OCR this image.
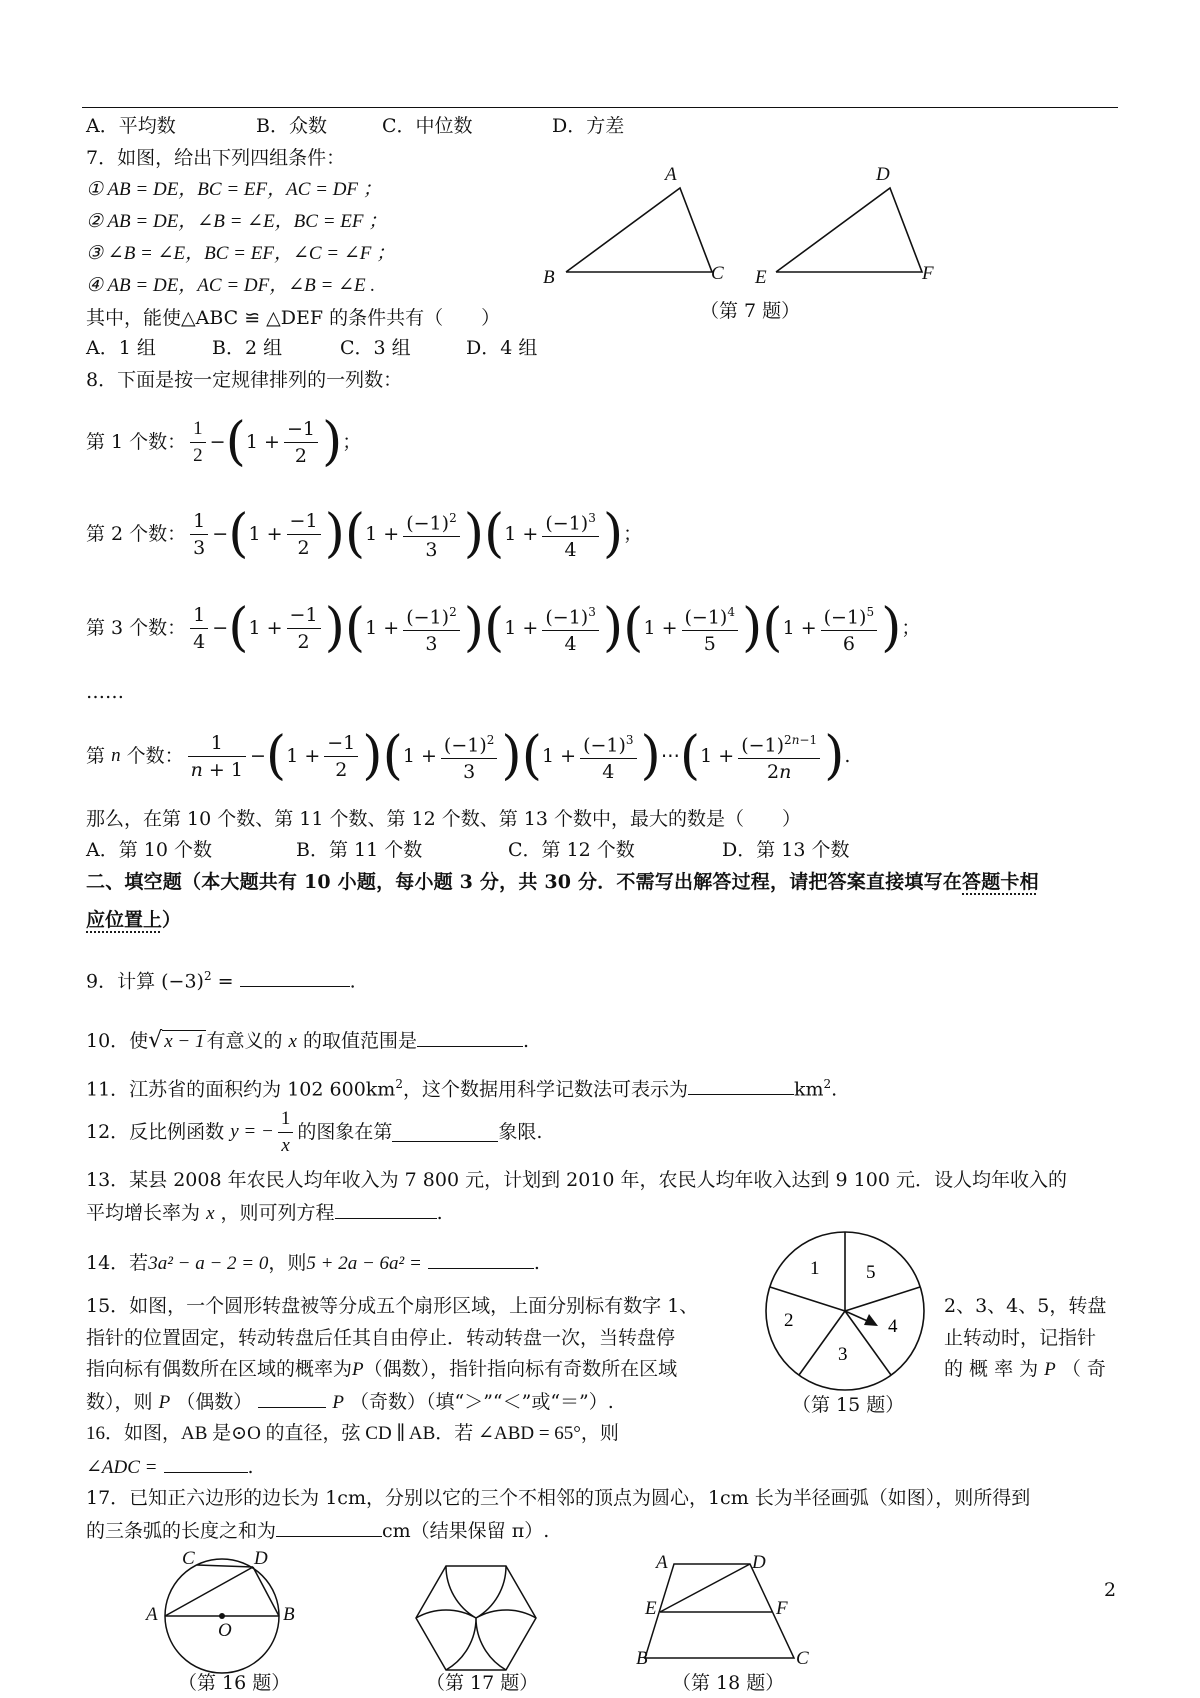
A．平均数	B．众数	C．中位数	D．方差
7．如图，给出下列四组条件：
① AB = DE，BC = EF，AC = DF ；
② AB = DE，∠B = ∠E，BC = EF ；
③ ∠B = ∠E，BC = EF，∠C = ∠F ；
④ AB = DE，AC = DF，∠B = ∠E .
其中，能使△ABC ≌ △DEF 的条件共有（　　）
A．1 组	B．2 组	C．3 组	D．4 组
A
B	C
D
E	F
（第 7 题）
8．下面是按一定规律排列的一列数：
第 1 个数： $\frac{1}{2}$ − ( $1 + \frac{-1}{2}$ ) ；
第 2 个数： $\frac{1}{3}$ − ( $1 + \frac{-1}{2}$ ) ( $1 + \frac{(-1)^2}{3}$ ) ( $1 + \frac{(-1)^3}{4}$ ) ；
第 3 个数： $\frac{1}{4}$ − ( $1 + \frac{-1}{2}$ ) ( $1 + \frac{(-1)^2}{3}$ ) ( $1 + \frac{(-1)^3}{4}$ ) ( $1 + \frac{(-1)^4}{5}$ ) ( $1 + \frac{(-1)^5}{6}$ ) ；
……
第
n
个数： $\frac{1}{n + 1}$ − ( $1 + \frac{-1}{2}$ ) ( $1 + \frac{(-1)^2}{3}$ ) ( $1 + \frac{(-1)^3}{4}$ ) ⋯ ( $1 + \frac{(-1)^{2n-1}}{2n}$ ) .
那么，在第 10 个数、第 11 个数、第 12 个数、第 13 个数中，最大的数是（　　）
A．第 10 个数	B．第 11 个数	C．第 12 个数	D．第 13 个数
二、填空题（本大题共有 10 小题，每小题 3 分，共 30 分．不需写出解答过程，请把答案直接填写在答题卡相
应位置上）
9．计算 $(-3)^2$ =	.
10．使√ x − 1 有意义的 x 的取值范围是	.
11．江苏省的面积约为 102 $600km^2$，这个数据用科学记数法可表示为	$km^2$.
12．反比例函数
y = − $\frac{1}{x}$ 的图象在第	象限.
13．某县 2008 年农民人均年收入为 7 800 元，计划到 2010 年，农民人均年收入达到 9 100 元．设人均年收入的
平均增长率为 x ，则可列方程	.
14．若3a² − a − 2 = 0，则5 + 2a − 6a² =	.
15．如图，一个圆形转盘被等分成五个扇形区域，上面分别标有数字 1、	2、3、4、5，转盘
指针的位置固定，转动转盘后任其自由停止．转动转盘一次，当转盘停	止转动时，记指针
指向标有偶数所在区域的概率为P（偶数），指针指向标有奇数所在区域	的 概 率 为 P （ 奇
数），则 P （偶数）	P （奇数）（填“＞”“＜”或“＝”）.
1 5
4
3
2
（第 15 题）
16．如图，AB 是⊙O 的直径，弦 CD ∥ AB．若 ∠ABD = 65°，则
∠ADC =	.
17．已知正六边形的边长为 1cm，分别以它的三个不相邻的顶点为圆心，1cm 长为半径画弧（如图），则所得到
的三条弧的长度之和为	cm（结果保留 π）.
C	D
A	B
O
（第 16 题）	（第 17 题）
A	D
E	F
B	C
（第 18 题）
2
